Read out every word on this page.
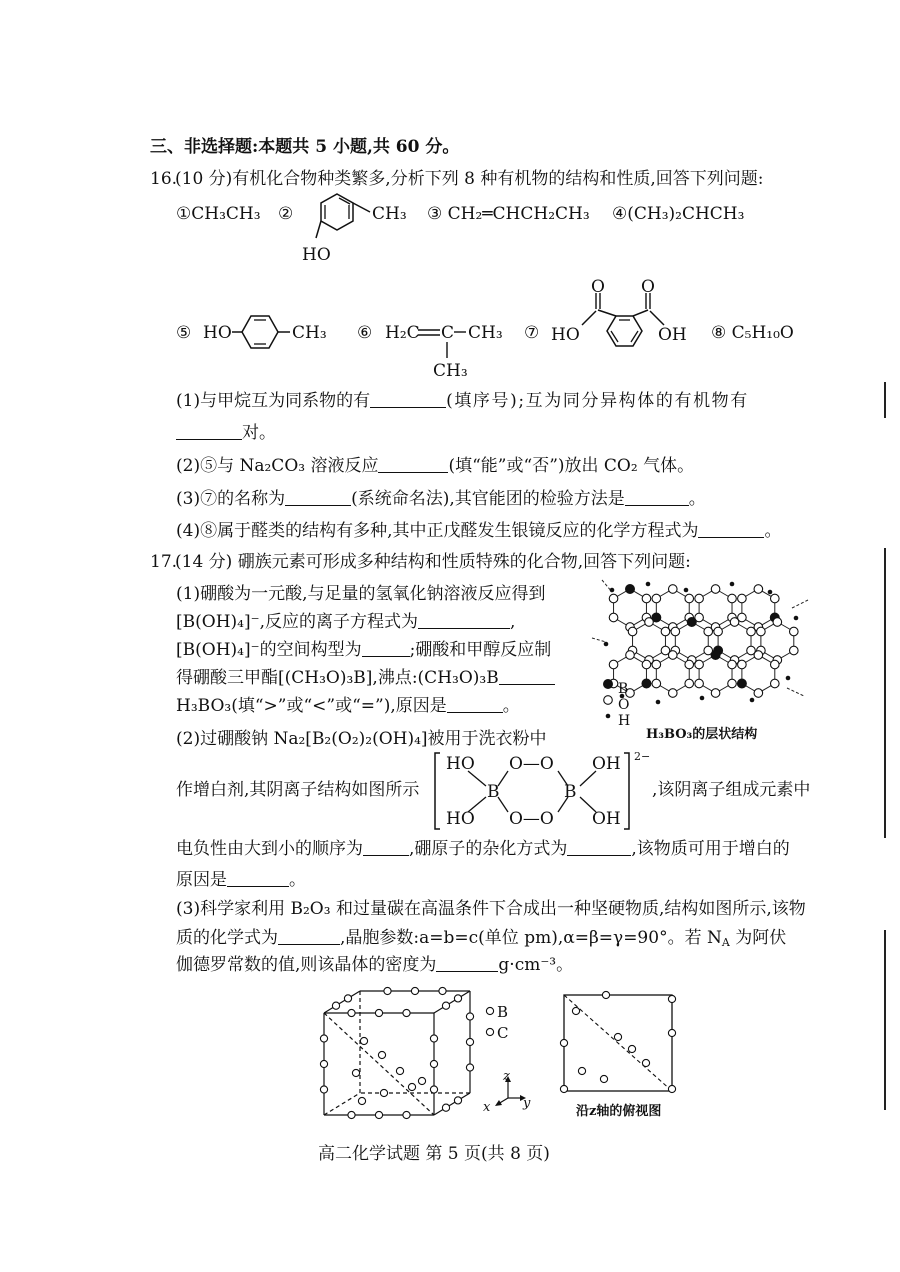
三、非选择题:本题共 5 小题,共 60 分。
16.
(10 分)有机化合物种类繁多,分析下列 8 种有机物的结构和性质,回答下列问题:
①CH₃CH₃ ②	CH₃
HO
③ CH₂═CHCH₂CH₃ ④(CH₃)₂CHCH₃
⑤ HO	CH₃ ⑥ H₂C C CH₃
CH₃
⑦
O O
HO	OH ⑧ C₅H₁₀O
(1)与甲烷互为同系物的有	(填序号);互为同分异构体的有机物有
对。
(2)⑤与 Na₂CO₃ 溶液反应	(填“能”或“否”)放出 CO₂ 气体。
(3)⑦的名称为	(系统命名法),其官能团的检验方法是	。
(4)⑧属于醛类的结构有多种,其中正戊醛发生银镜反应的化学方程式为	。
17.
(14 分) 硼族元素可形成多种结构和性质特殊的化合物,回答下列问题:
(1)硼酸为一元酸,与足量的氢氧化钠溶液反应得到
[B(OH)₄]⁻,反应的离子方程式为	,
[B(OH)₄]⁻的空间构型为	;硼酸和甲醇反应制
得硼酸三甲酯[(CH₃O)₃B],沸点:(CH₃O)₃B
H₃BO₃(填“>”或“<”或“=”),原因是	。
B
O
H
H₃BO₃的层状结构
(2)过硼酸钠 Na₂[B₂(O₂)₂(OH)₄]被用于洗衣粉中
作增白剂,其阴离子结构如图所示
HO
HO
B	B
O—O
O—O
OH
OH
2−
,该阴离子组成元素中
电负性由大到小的顺序为	,硼原子的杂化方式为	,该物质可用于增白的
原因是	。
(3)科学家利用 B₂O₃ 和过量碳在高温条件下合成出一种坚硬物质,结构如图所示,该物
质的化学式为	,晶胞参数:a=b=c(单位 pm),α=β=γ=90°。若 $N_A$ 为阿伏
伽德罗常数的值,则该晶体的密度为	g·cm⁻³。
B
C
z
x	y
沿z轴的俯视图
高二化学试题 第 5 页(共 8 页)
